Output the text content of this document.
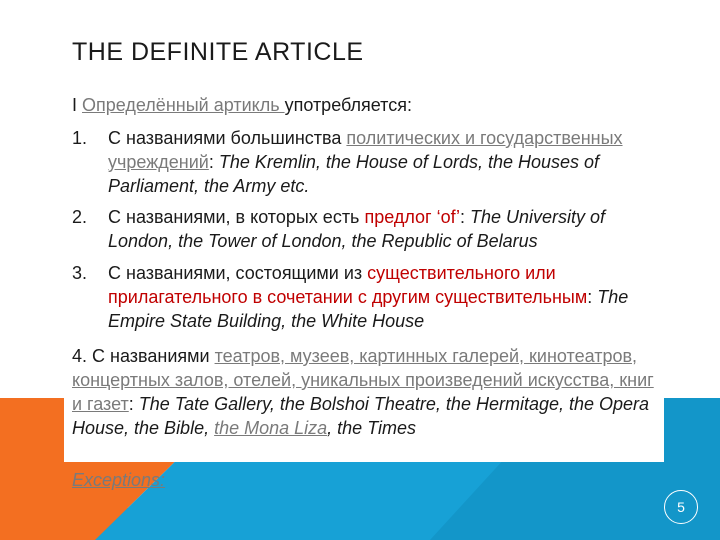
THE DEFINITE ARTICLE
I Определённый артикль употребляется:
1. С названиями большинства политических и государственных учреждений: The Kremlin, the House of Lords, the Houses of Parliament, the Army etc.
2. С названиями, в которых есть предлог ‘of’: The University of London, the Tower of London, the Republic of Belarus
3. С названиями, состоящими из существительного или прилагательного в сочетании с другим существительным: The Empire State Building, the White House
4. С названиями театров, музеев, картинных галерей, кинотеатров, концертных залов, отелей, уникальных произведений искусства, книг и газет: The Tate Gallery, the Bolshoi Theatre, the Hermitage, the Opera House, the Bible, the Mona Liza, the Times
Exceptions:
5
